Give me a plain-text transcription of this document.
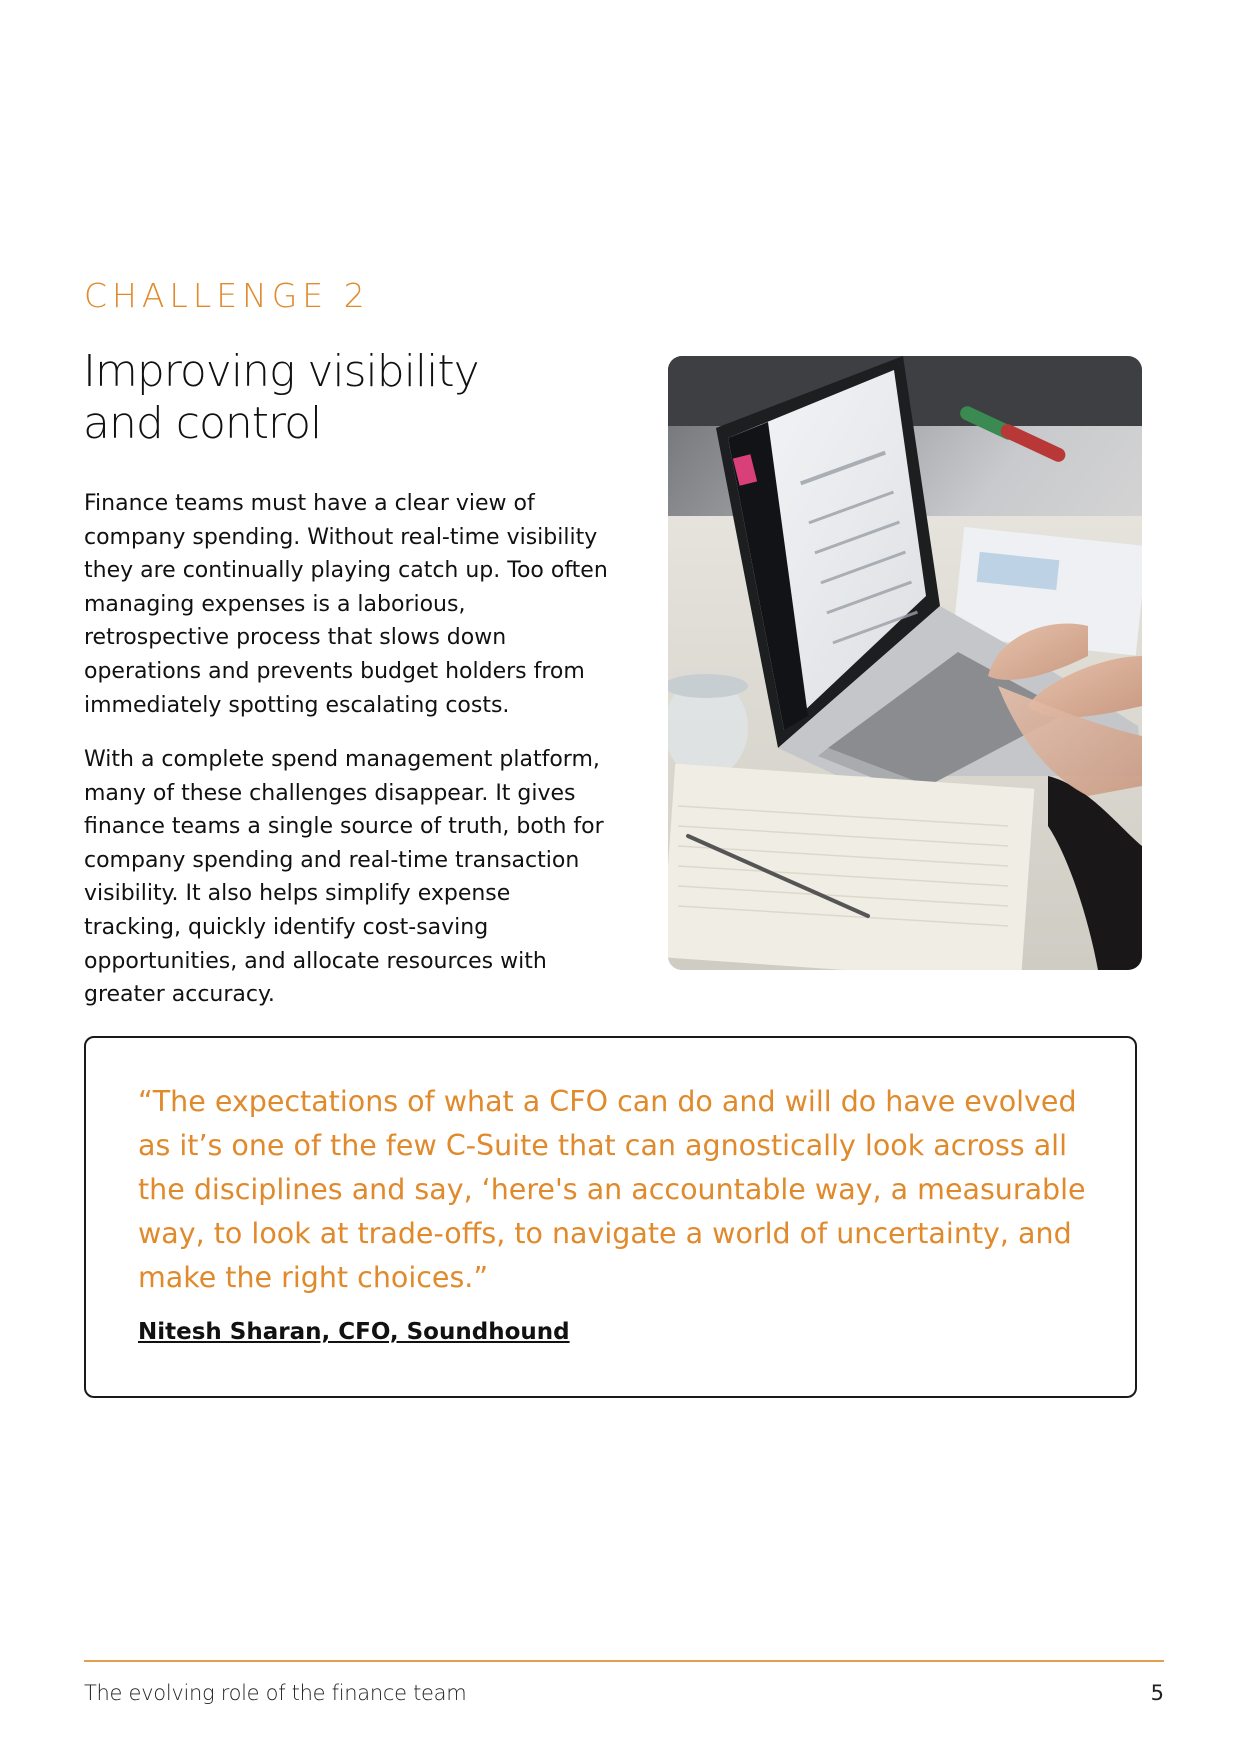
CHALLENGE 2
Improving visibility
and control

Finance teams must have a clear view of company spending. Without real-time visibility they are continually playing catch up. Too often managing expenses is a laborious, retrospective process that slows down operations and prevents budget holders from immediately spotting escalating costs.

With a complete spend management platform, many of these challenges disappear. It gives finance teams a single source of truth, both for company spending and real-time transaction visibility. It also helps simplify expense tracking, quickly identify cost-saving opportunities, and allocate resources with greater accuracy.

“The expectations of what a CFO can do and will do have evolved as it’s one of the few C-Suite that can agnostically look across all the disciplines and say, ‘here's an accountable way, a measurable way, to look at trade-offs, to navigate a world of uncertainty, and make the right choices.”

Nitesh Sharan, CFO, Soundhound

The evolving role of the finance team	5
